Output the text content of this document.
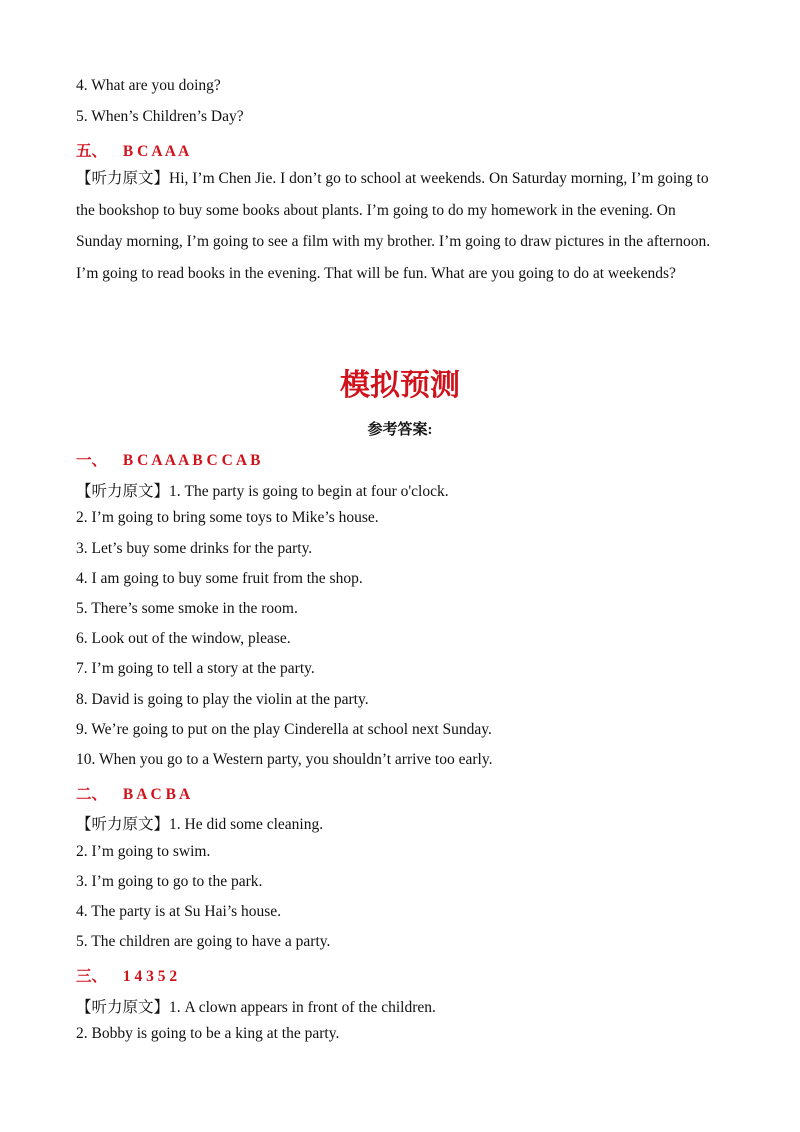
4. What are you doing?
5. When’s Children’s Day?
五、 B C A A A
【听力原文】Hi, I’m Chen Jie. I don’t go to school at weekends. On Saturday morning, I’m going to the bookshop to buy some books about plants. I’m going to do my homework in the evening. On Sunday morning, I’m going to see a film with my brother. I’m going to draw pictures in the afternoon. I’m going to read books in the evening. That will be fun. What are you going to do at weekends?
模拟预测
参考答案:
一、 B C A A A B C C A B
【听力原文】1. The party is going to begin at four o'clock.
2. I’m going to bring some toys to Mike’s house.
3. Let’s buy some drinks for the party.
4. I am going to buy some fruit from the shop.
5. There’s some smoke in the room.
6. Look out of the window, please.
7. I’m going to tell a story at the party.
8. David is going to play the violin at the party.
9. We’re going to put on the play Cinderella at school next Sunday.
10. When you go to a Western party, you shouldn’t arrive too early.
二、 B A C B A
【听力原文】1. He did some cleaning.
2. I’m going to swim.
3. I’m going to go to the park.
4. The party is at Su Hai’s house.
5. The children are going to have a party.
三、 1 4 3 5 2
【听力原文】1. A clown appears in front of the children.
2. Bobby is going to be a king at the party.
